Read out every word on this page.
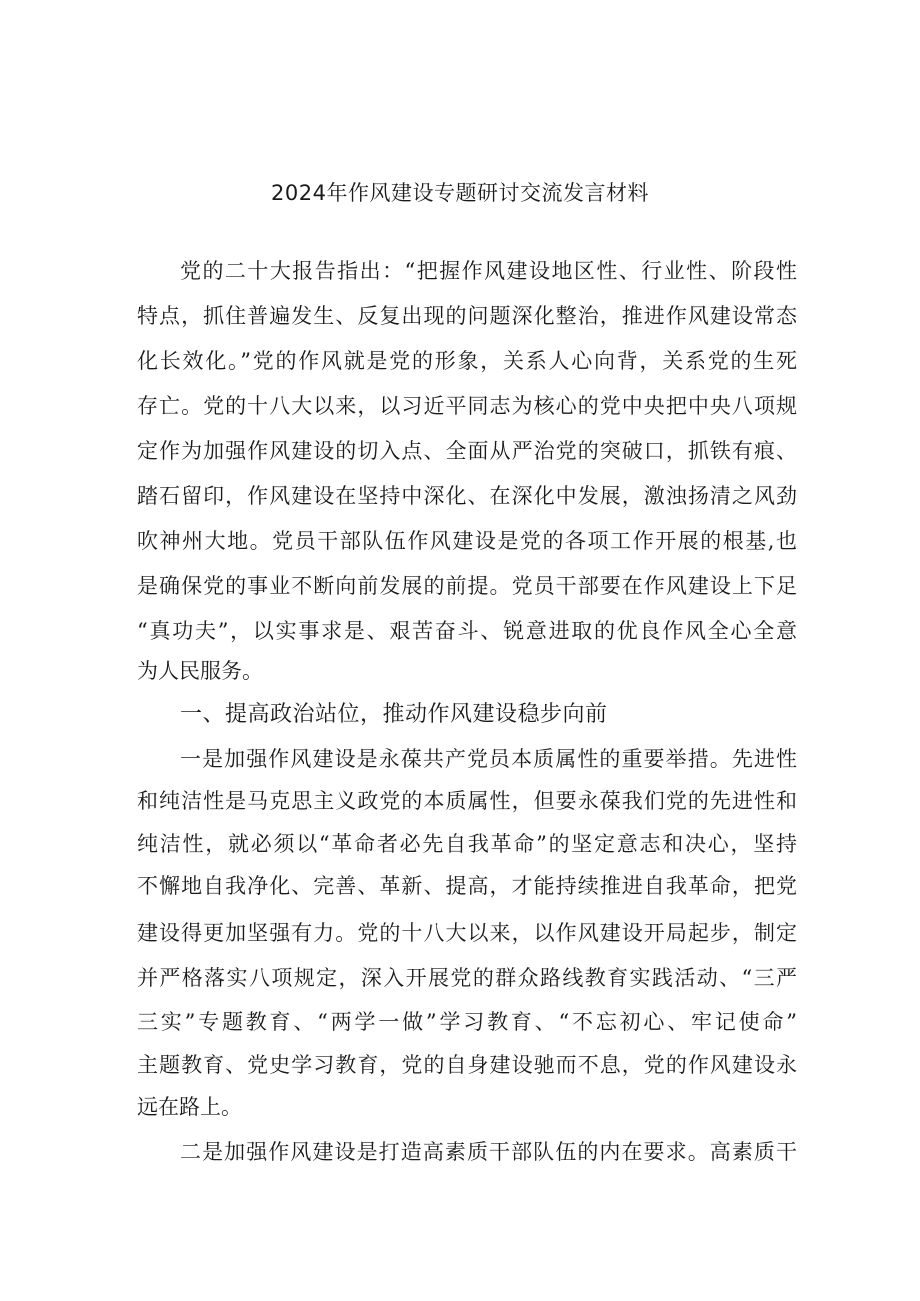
2024年作风建设专题研讨交流发言材料
党的二十大报告指出：“把握作风建设地区性、行业性、阶段性
特点，抓住普遍发生、反复出现的问题深化整治，推进作风建设常态
化长效化。”党的作风就是党的形象，关系人心向背，关系党的生死
存亡。党的十八大以来，以习近平同志为核心的党中央把中央八项规
定作为加强作风建设的切入点、全面从严治党的突破口，抓铁有痕、
踏石留印，作风建设在坚持中深化、在深化中发展，激浊扬清之风劲
吹神州大地。党员干部队伍作风建设是党的各项工作开展的根基,也
是确保党的事业不断向前发展的前提。党员干部要在作风建设上下足
“真功夫”，以实事求是、艰苦奋斗、锐意进取的优良作风全心全意
为人民服务。
一、提高政治站位，推动作风建设稳步向前
一是加强作风建设是永葆共产党员本质属性的重要举措。先进性
和纯洁性是马克思主义政党的本质属性，但要永葆我们党的先进性和
纯洁性，就必须以“革命者必先自我革命”的坚定意志和决心，坚持
不懈地自我净化、完善、革新、提高，才能持续推进自我革命，把党
建设得更加坚强有力。党的十八大以来，以作风建设开局起步，制定
并严格落实八项规定，深入开展党的群众路线教育实践活动、“三严
三实”专题教育、“两学一做”学习教育、“不忘初心、牢记使命”
主题教育、党史学习教育，党的自身建设驰而不息，党的作风建设永
远在路上。
二是加强作风建设是打造高素质干部队伍的内在要求。高素质干
